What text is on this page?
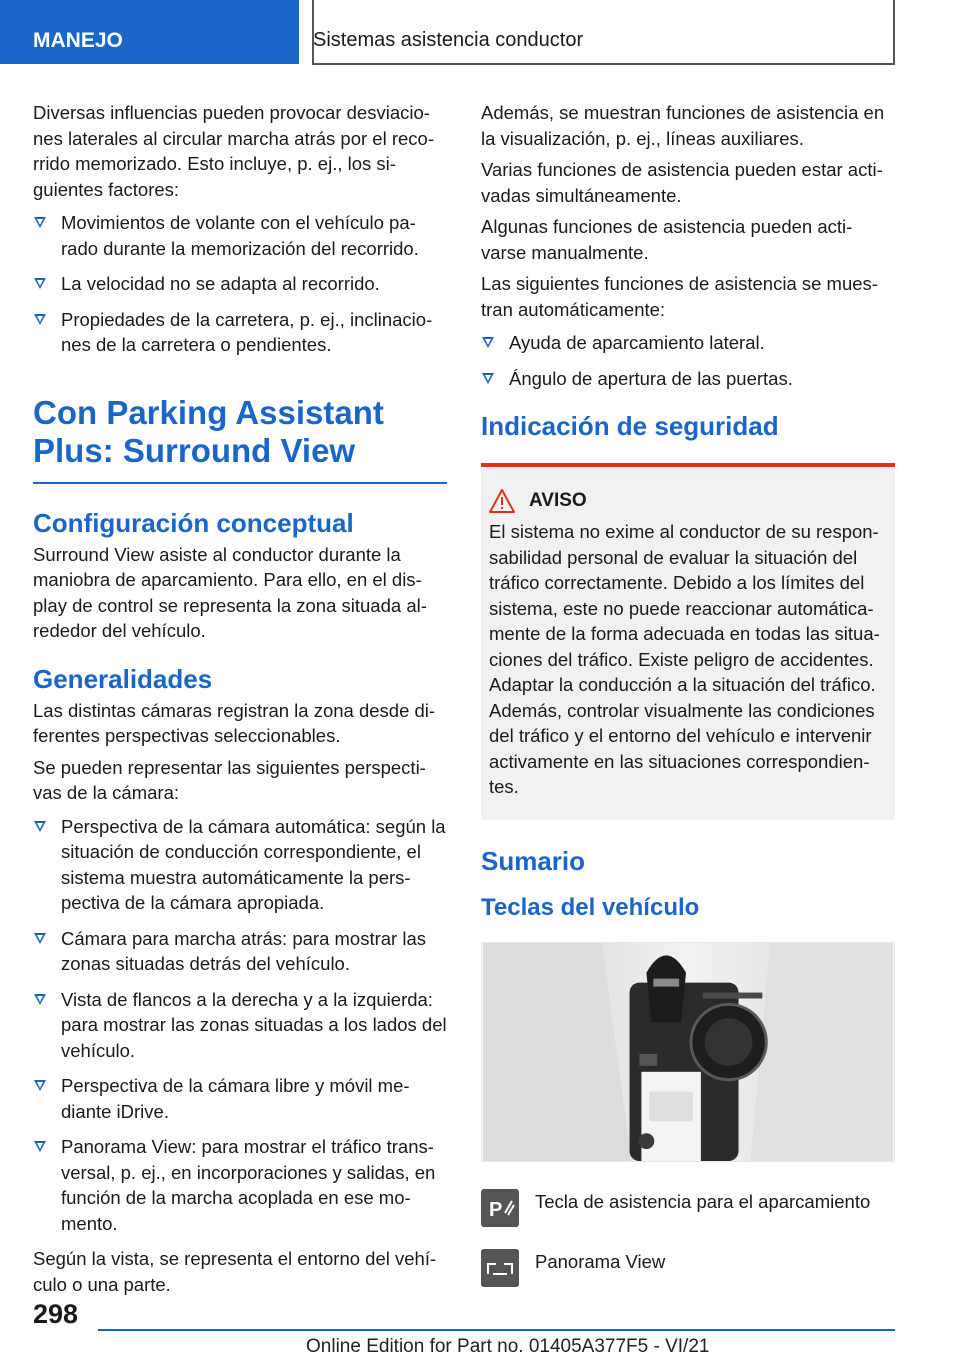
MANEJO	Sistemas asistencia conductor

Diversas influencias pueden provocar desviacio-nes laterales al circular marcha atrás por el reco-rrido memorizado. Esto incluye, p. ej., los si-guientes factores:

Movimientos de volante con el vehículo pa-rado durante la memorización del recorrido.
La velocidad no se adapta al recorrido.
Propiedades de la carretera, p. ej., inclinacio-nes de la carretera o pendientes.
Con Parking Assistant Plus: Surround View
Configuración conceptual

Surround View asiste al conductor durante la maniobra de aparcamiento. Para ello, en el dis-play de control se representa la zona situada al-rededor del vehículo.

Generalidades

Las distintas cámaras registran la zona desde di-ferentes perspectivas seleccionables.

Se pueden representar las siguientes perspecti-vas de la cámara:

Perspectiva de la cámara automática: según la situación de conducción correspondiente, el sistema muestra automáticamente la pers-pectiva de la cámara apropiada.
Cámara para marcha atrás: para mostrar las zonas situadas detrás del vehículo.
Vista de flancos a la derecha y a la izquierda: para mostrar las zonas situadas a los lados del vehículo.
Perspectiva de la cámara libre y móvil me-diante iDrive.
Panorama View: para mostrar el tráfico trans-versal, p. ej., en incorporaciones y salidas, en función de la marcha acoplada en ese mo-mento.

Según la vista, se representa el entorno del vehí-culo o una parte.

Además, se muestran funciones de asistencia en la visualización, p. ej., líneas auxiliares.

Varias funciones de asistencia pueden estar acti-vadas simultáneamente.

Algunas funciones de asistencia pueden acti-varse manualmente.

Las siguientes funciones de asistencia se mues-tran automáticamente:

Ayuda de aparcamiento lateral.
Ángulo de apertura de las puertas.
Indicación de seguridad
AVISO

El sistema no exime al conductor de su respon-sabilidad personal de evaluar la situación del tráfico correctamente. Debido a los límites del sistema, este no puede reaccionar automática-mente de la forma adecuada en todas las situa-ciones del tráfico. Existe peligro de accidentes. Adaptar la conducción a la situación del tráfico. Además, controlar visualmente las condiciones del tráfico y el entorno del vehículo e intervenir activamente en las situaciones correspondien-tes.

Sumario
Teclas del vehículo
P Tecla de asistencia para el aparcamiento
Panorama View
298
Online Edition for Part no. 01405A377F5 - VI/21
